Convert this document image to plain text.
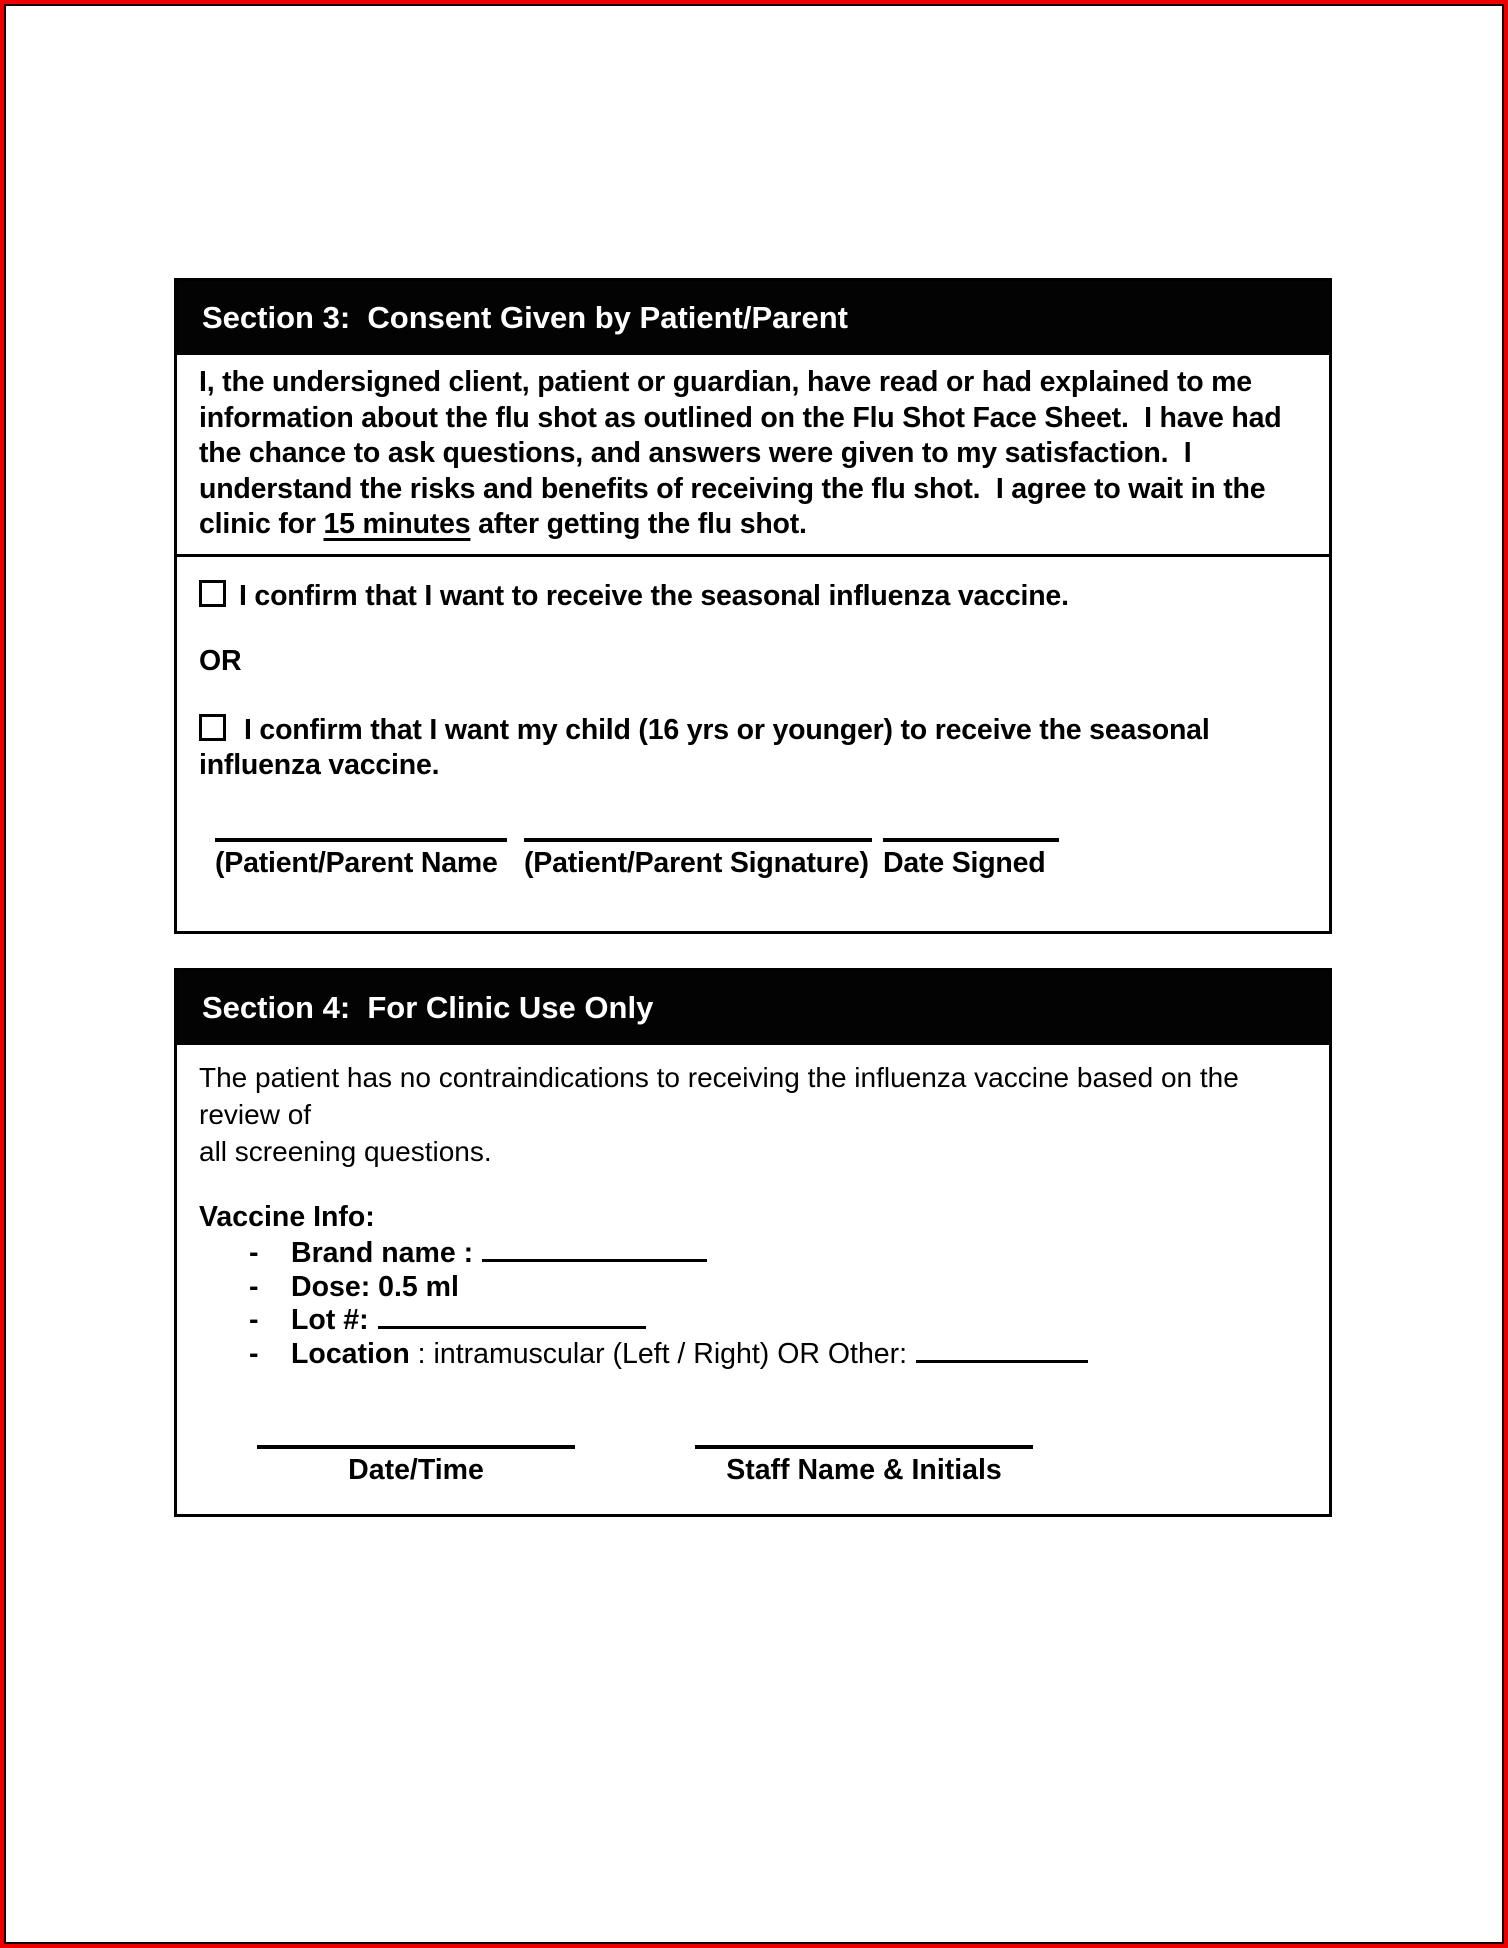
Section 3:  Consent Given by Patient/Parent
I, the undersigned client, patient or guardian, have read or had explained to me information about the flu shot as outlined on the Flu Shot Face Sheet.  I have had the chance to ask questions, and answers were given to my satisfaction.  I understand the risks and benefits of receiving the flu shot.  I agree to wait in the clinic for 15 minutes after getting the flu shot.
I confirm that I want to receive the seasonal influenza vaccine.
OR
I confirm that I want my child (16 yrs or younger) to receive the seasonal influenza vaccine.
(Patient/Parent Name (Patient/Parent Signature) Date Signed
Section 4:  For Clinic Use Only
The patient has no contraindications to receiving the influenza vaccine based on the review of
all screening questions.
Vaccine Info:
-	Brand name :
-	Dose: 0.5 ml
-	Lot #:
-	Location : intramuscular (Left / Right) OR Other:
Date/Time	Staff Name & Initials
